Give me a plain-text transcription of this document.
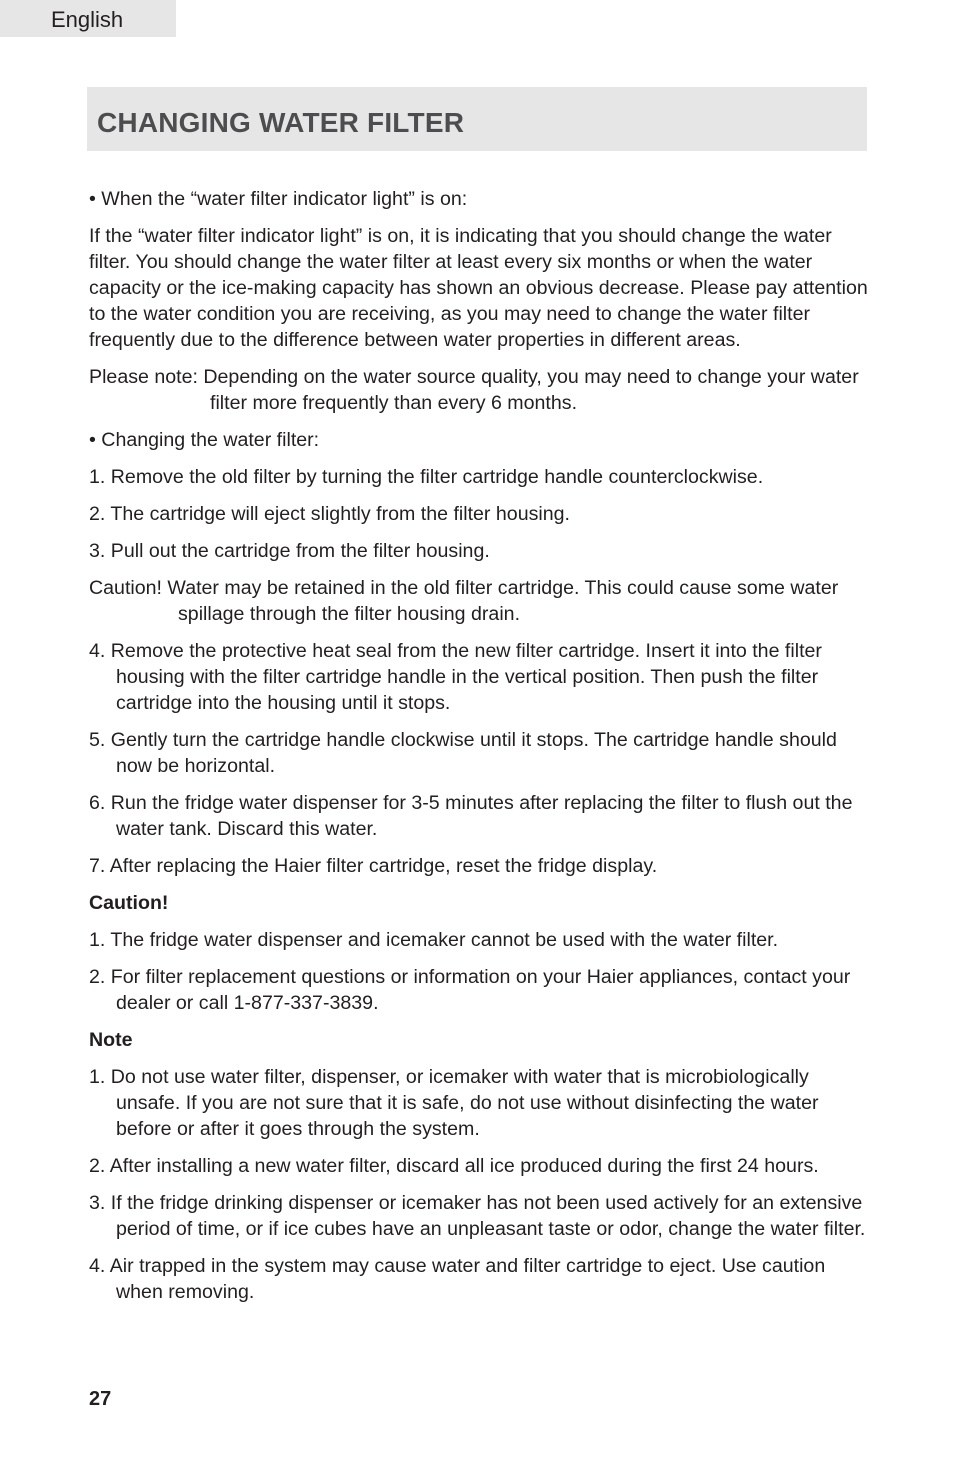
English
CHANGING WATER FILTER
• When the “water filter indicator light” is on:
If the “water filter indicator light” is on, it is indicating that you should change the water filter. You should change the water filter at least every six months or when the water capacity or the ice-making capacity has shown an obvious decrease. Please pay attention to the water condition you are receiving, as you may need to change the water filter frequently due to the difference between water properties in different areas.
Please note: Depending on the water source quality, you may need to change your water filter more frequently than every 6 months.
• Changing the water filter:
1. Remove the old filter by turning the filter cartridge handle counterclockwise.
2. The cartridge will eject slightly from the filter housing.
3. Pull out the cartridge from the filter housing.
Caution! Water may be retained in the old filter cartridge. This could cause some water spillage through the filter housing drain.
4. Remove the protective heat seal from the new filter cartridge. Insert it into the filter housing with the filter cartridge handle in the vertical position. Then push the filter cartridge into the housing until it stops.
5. Gently turn the cartridge handle clockwise until it stops. The cartridge handle should now be horizontal.
6. Run the fridge water dispenser for 3-5 minutes after replacing the filter to flush out the water tank. Discard this water.
7. After replacing the Haier filter cartridge, reset the fridge display.
Caution!
1. The fridge water dispenser and icemaker cannot be used with the water filter.
2. For filter replacement questions or information on your Haier appliances, contact your dealer or call 1-877-337-3839.
Note
1. Do not use water filter, dispenser, or icemaker with water that is microbiologically unsafe. If you are not sure that it is safe, do not use without disinfecting the water before or after it goes through the system.
2. After installing a new water filter, discard all ice produced during the first 24 hours.
3. If the fridge drinking dispenser or icemaker has not been used actively for an extensive period of time, or if ice cubes have an unpleasant taste or odor, change the water filter.
4. Air trapped in the system may cause water and filter cartridge to eject. Use caution when removing.
27
